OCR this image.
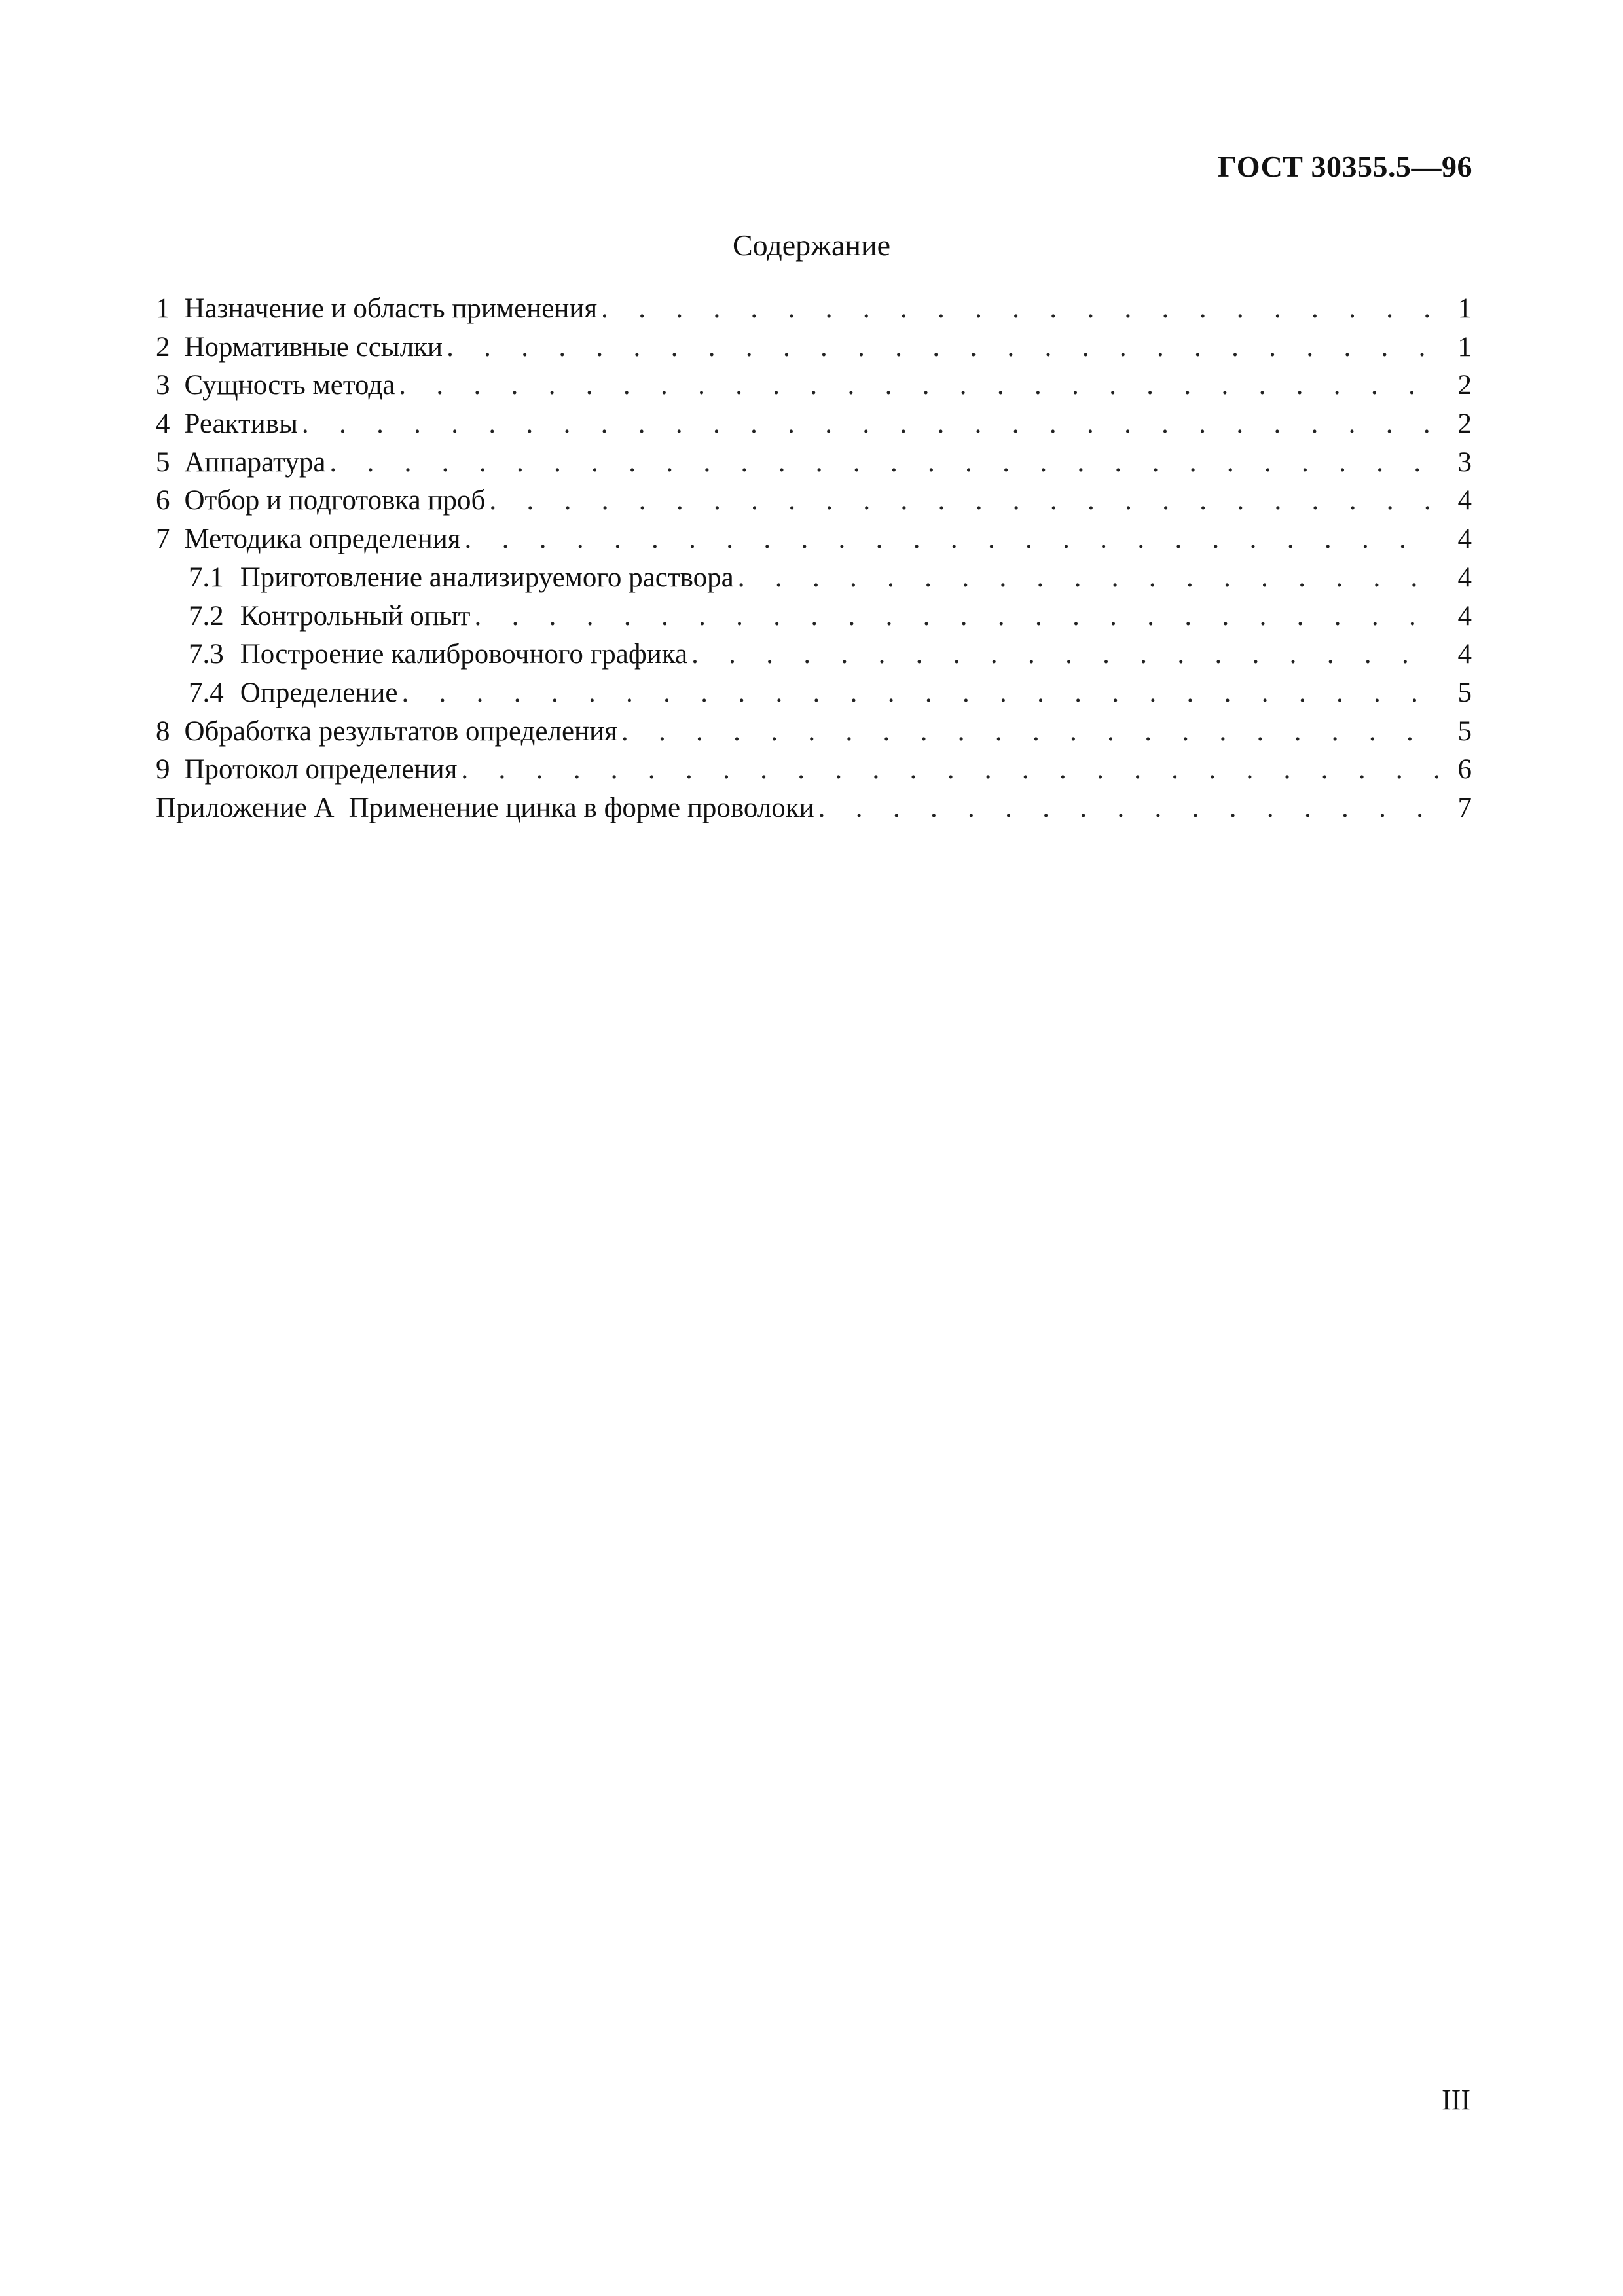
ГОСТ 30355.5—96
Содержание
1 Назначение и область применения . . .	1
2 Нормативные ссылки . . .	1
3 Сущность метода . . .	2
4 Реактивы . . .	2
5 Аппаратура . . .	3
6 Отбор и подготовка проб . . .	4
7 Методика определения . . .	4
7.1 Приготовление анализируемого раствора . . .	4
7.2 Контрольный опыт . . .	4
7.3 Построение калибровочного графика . . .	4
7.4 Определение . . .	5
8 Обработка результатов определения . . .	5
9 Протокол определения . . .	6
Приложение А Применение цинка в форме проволоки . . .	7
III
